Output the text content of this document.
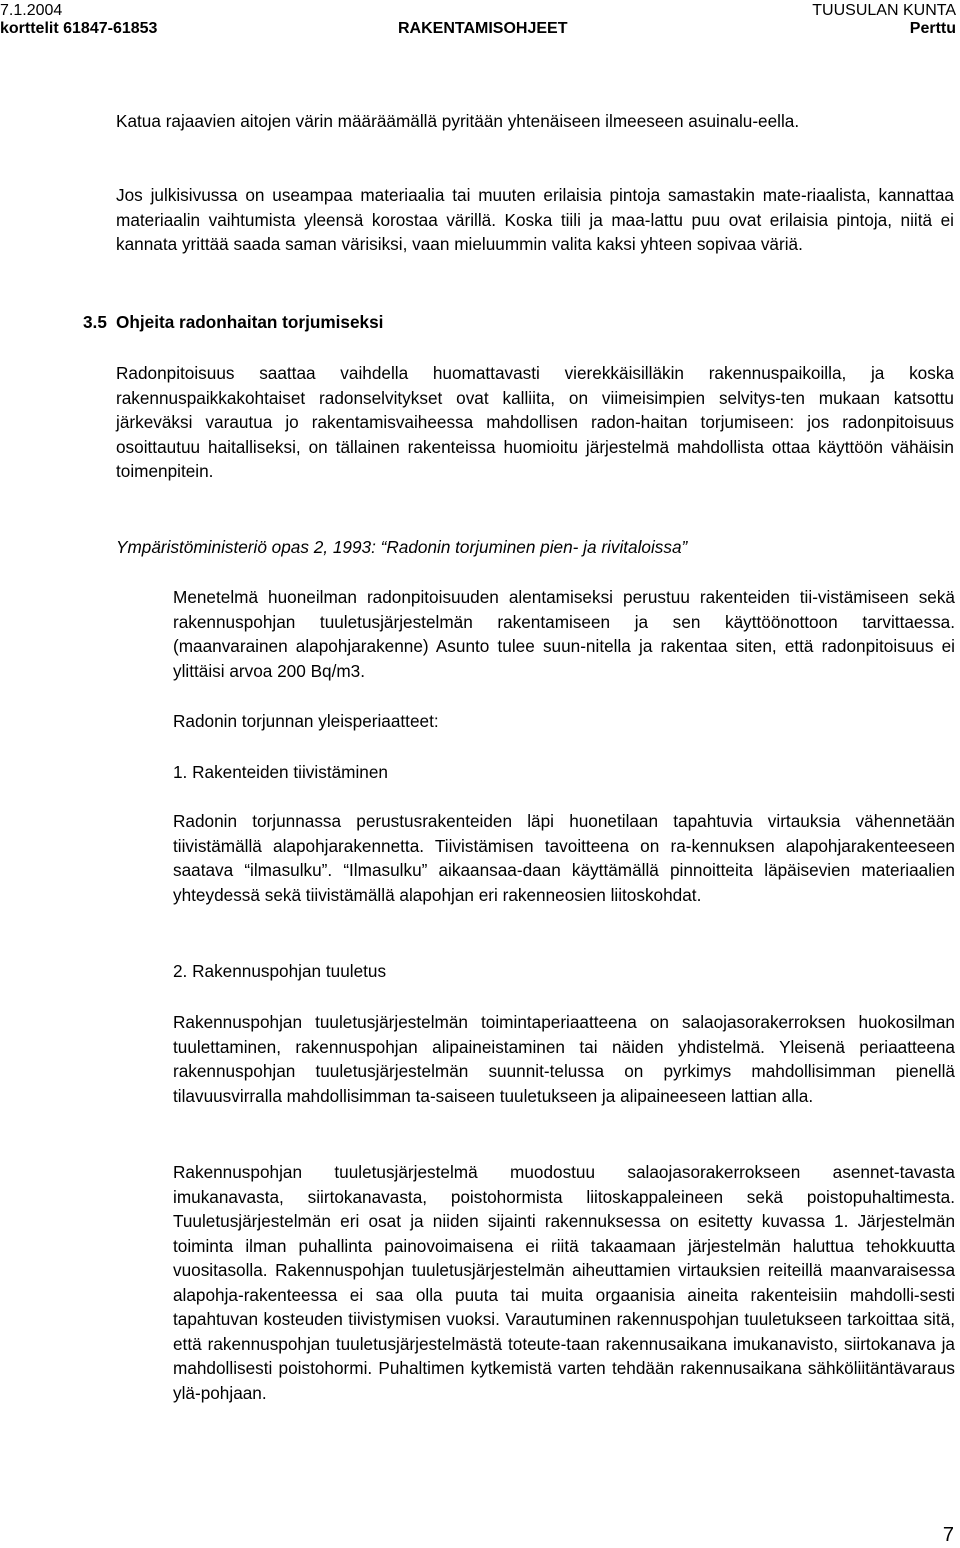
7.1.2004	TUUSULAN KUNTA
korttelit 61847-61853	RAKENTAMISOHJEET	Perttu

Katua rajaavien aitojen värin määräämällä pyritään yhtenäiseen ilmeeseen asuinalu-eella.

Jos julkisivussa on useampaa materiaalia tai muuten erilaisia pintoja samastakin mate-riaalista, kannattaa materiaalin vaihtumista yleensä korostaa värillä. Koska tiili ja maa-lattu puu ovat erilaisia pintoja, niitä ei kannata yrittää saada saman värisiksi, vaan mieluummin valita kaksi yhteen sopivaa väriä.

3.5 Ohjeita radonhaitan torjumiseksi

Radonpitoisuus saattaa vaihdella huomattavasti vierekkäisilläkin rakennuspaikoilla, ja koska rakennuspaikkakohtaiset radonselvitykset ovat kalliita, on viimeisimpien selvitys-ten mukaan katsottu järkeväksi varautua jo rakentamisvaiheessa mahdollisen radon-haitan torjumiseen: jos radonpitoisuus osoittautuu haitalliseksi, on tällainen rakenteissa huomioitu järjestelmä mahdollista ottaa käyttöön vähäisin toimenpitein.

Ympäristöministeriö opas 2, 1993: “Radonin torjuminen pien- ja rivitaloissa”

Menetelmä huoneilman radonpitoisuuden alentamiseksi perustuu rakenteiden tii-vistämiseen sekä rakennuspohjan tuuletusjärjestelmän rakentamiseen ja sen käyttöönottoon tarvittaessa. (maanvarainen alapohjarakenne) Asunto tulee suun-nitella ja rakentaa siten, että radonpitoisuus ei ylittäisi arvoa 200 Bq/m3.

Radonin torjunnan yleisperiaatteet:

1. Rakenteiden tiivistäminen

Radonin torjunnassa perustusrakenteiden läpi huonetilaan tapahtuvia virtauksia vähennetään tiivistämällä alapohjarakennetta. Tiivistämisen tavoitteena on ra-kennuksen alapohjarakenteeseen saatava “ilmasulku”. “Ilmasulku” aikaansaa-daan käyttämällä pinnoitteita läpäisevien materiaalien yhteydessä sekä tiivistämällä alapohjan eri rakenneosien liitoskohdat.

2. Rakennuspohjan tuuletus

Rakennuspohjan tuuletusjärjestelmän toimintaperiaatteena on salaojasorakerroksen huokosilman tuulettaminen, rakennuspohjan alipaineistaminen tai näiden yhdistelmä. Yleisenä periaatteena rakennuspohjan tuuletusjärjestelmän suunnit-telussa on pyrkimys mahdollisimman pienellä tilavuusvirralla mahdollisimman ta-saiseen tuuletukseen ja alipaineeseen lattian alla.

Rakennuspohjan tuuletusjärjestelmä muodostuu salaojasorakerrokseen asennet-tavasta imukanavasta, siirtokanavasta, poistohormista liitoskappaleineen sekä poistopuhaltimesta. Tuuletusjärjestelmän eri osat ja niiden sijainti rakennuksessa on esitetty kuvassa 1. Järjestelmän toiminta ilman puhallinta painovoimaisena ei riitä takaamaan järjestelmän haluttua tehokkuutta vuositasolla. Rakennuspohjan tuuletusjärjestelmän aiheuttamien virtauksien reiteillä maanvaraisessa alapohja-rakenteessa ei saa olla puuta tai muita orgaanisia aineita rakenteisiin mahdolli-sesti tapahtuvan kosteuden tiivistymisen vuoksi. Varautuminen rakennuspohjan tuuletukseen tarkoittaa sitä, että rakennuspohjan tuuletusjärjestelmästä toteute-taan rakennusaikana imukanavisto, siirtokanava ja mahdollisesti poistohormi. Puhaltimen kytkemistä varten tehdään rakennusaikana sähköliitäntävaraus ylä-pohjaan.

7
